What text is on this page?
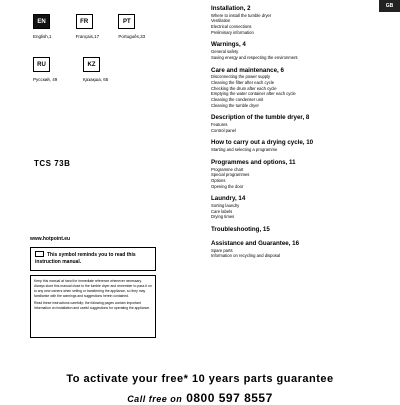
GB
EN
English,1
FR
Français,17
PT
Português,33
RU
Русский, 49
KZ
Қазақша, 65
TCS 73B
www.hotpoint.eu
This symbol reminds you to read this instruction manual.

Keep this manual at hand for immediate reference whenever necessary. Always store this manual close to the tumble dryer and remember to pass it on to any new owners when selling or transferring the appliance, so they may familiarise with the warnings and suggestions herein contained.

Read these instructions carefully: the following pages contain important information on installation and useful suggestions for operating the appliance.

Installation, 2
Where to install the tumble dryer
Ventilation
Electrical connections
Preliminary information
Warnings, 4
General safety
Saving energy and respecting the environment
Care and maintenance, 6
Disconnecting the power supply
Cleaning the filter after each cycle
Checking the drum after each cycle
Emptying the water container after each cycle
Cleaning the condenser unit
Cleaning the tumble dryer
Description of the tumble dryer, 8
Features
Control panel
How to carry out a drying cycle, 10
Starting and selecting a programme
Programmes and options, 11
Programme chart
Special programmes
Options
Opening the door
Laundry, 14
Sorting laundry
Care labels
Drying times
Troubleshooting, 15
Assistance and Guarantee, 16
Spare parts
Information on recycling and disposal
To activate your free* 10 years parts guarantee
Call free on 0800 597 8557
